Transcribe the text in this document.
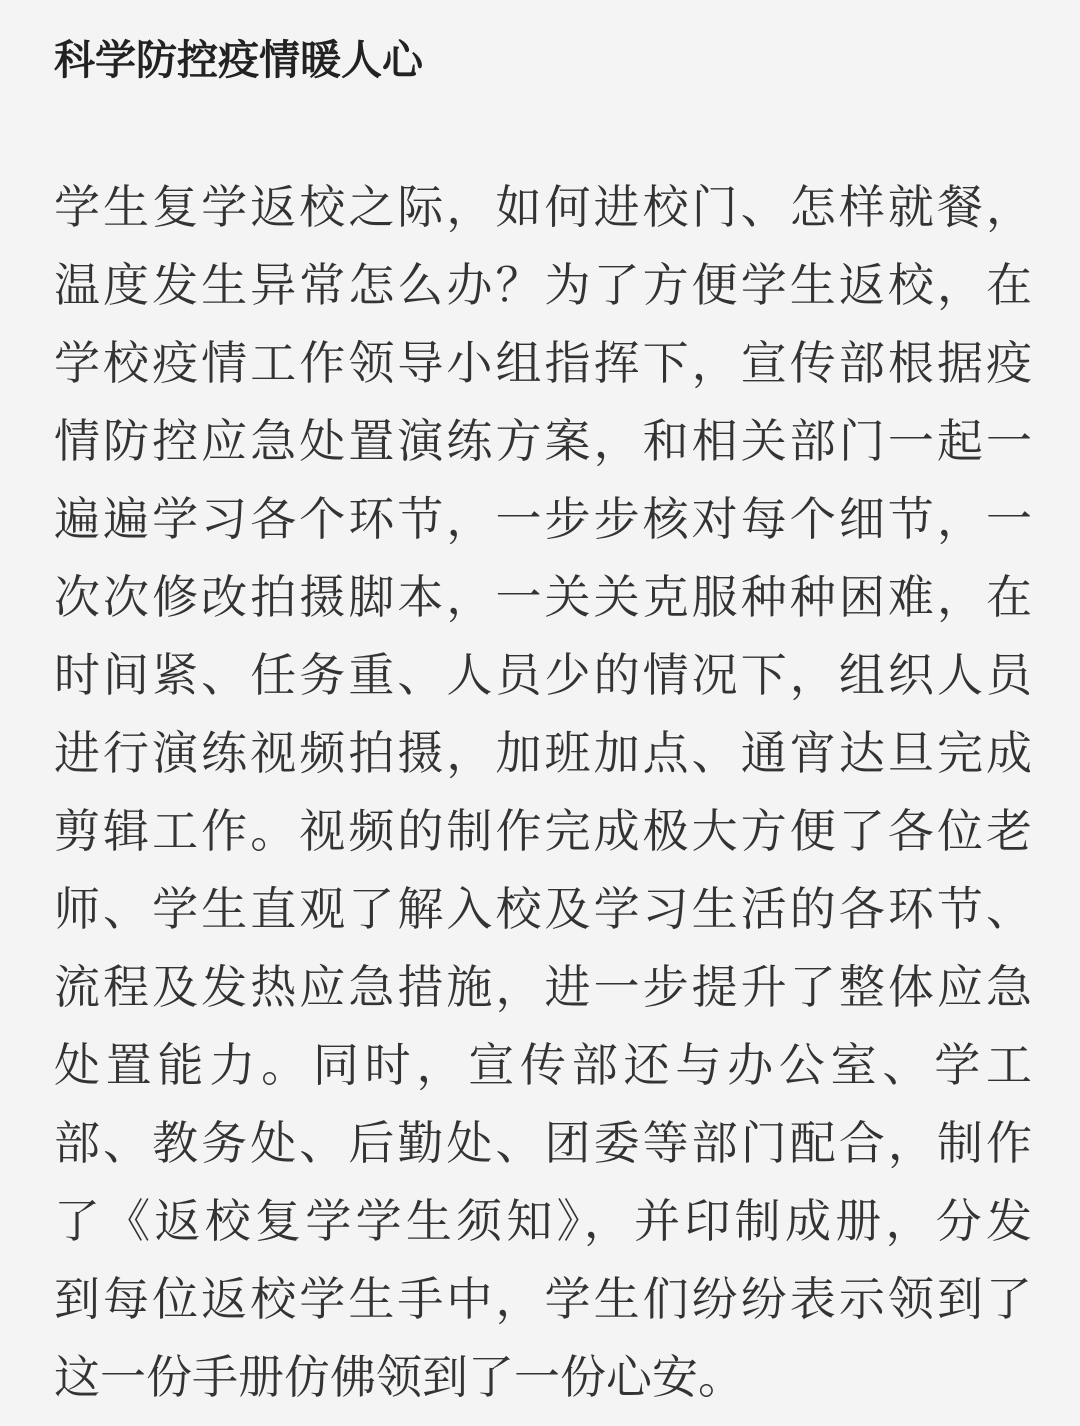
科学防控疫情暖人心
学生复学返校之际，如何进校门、怎样就餐，
温度发生异常怎么办？为了方便学生返校，在
学校疫情工作领导小组指挥下，宣传部根据疫
情防控应急处置演练方案，和相关部门一起一
遍遍学习各个环节，一步步核对每个细节，一
次次修改拍摄脚本，一关关克服种种困难，在
时间紧、任务重、人员少的情况下，组织人员
进行演练视频拍摄，加班加点、通宵达旦完成
剪辑工作。视频的制作完成极大方便了各位老
师、学生直观了解入校及学习生活的各环节、
流程及发热应急措施，进一步提升了整体应急
处置能力。同时，宣传部还与办公室、学工
部、教务处、后勤处、团委等部门配合，制作
了《返校复学学生须知》，并印制成册，分发
到每位返校学生手中，学生们纷纷表示领到了
这一份手册仿佛领到了一份心安。
